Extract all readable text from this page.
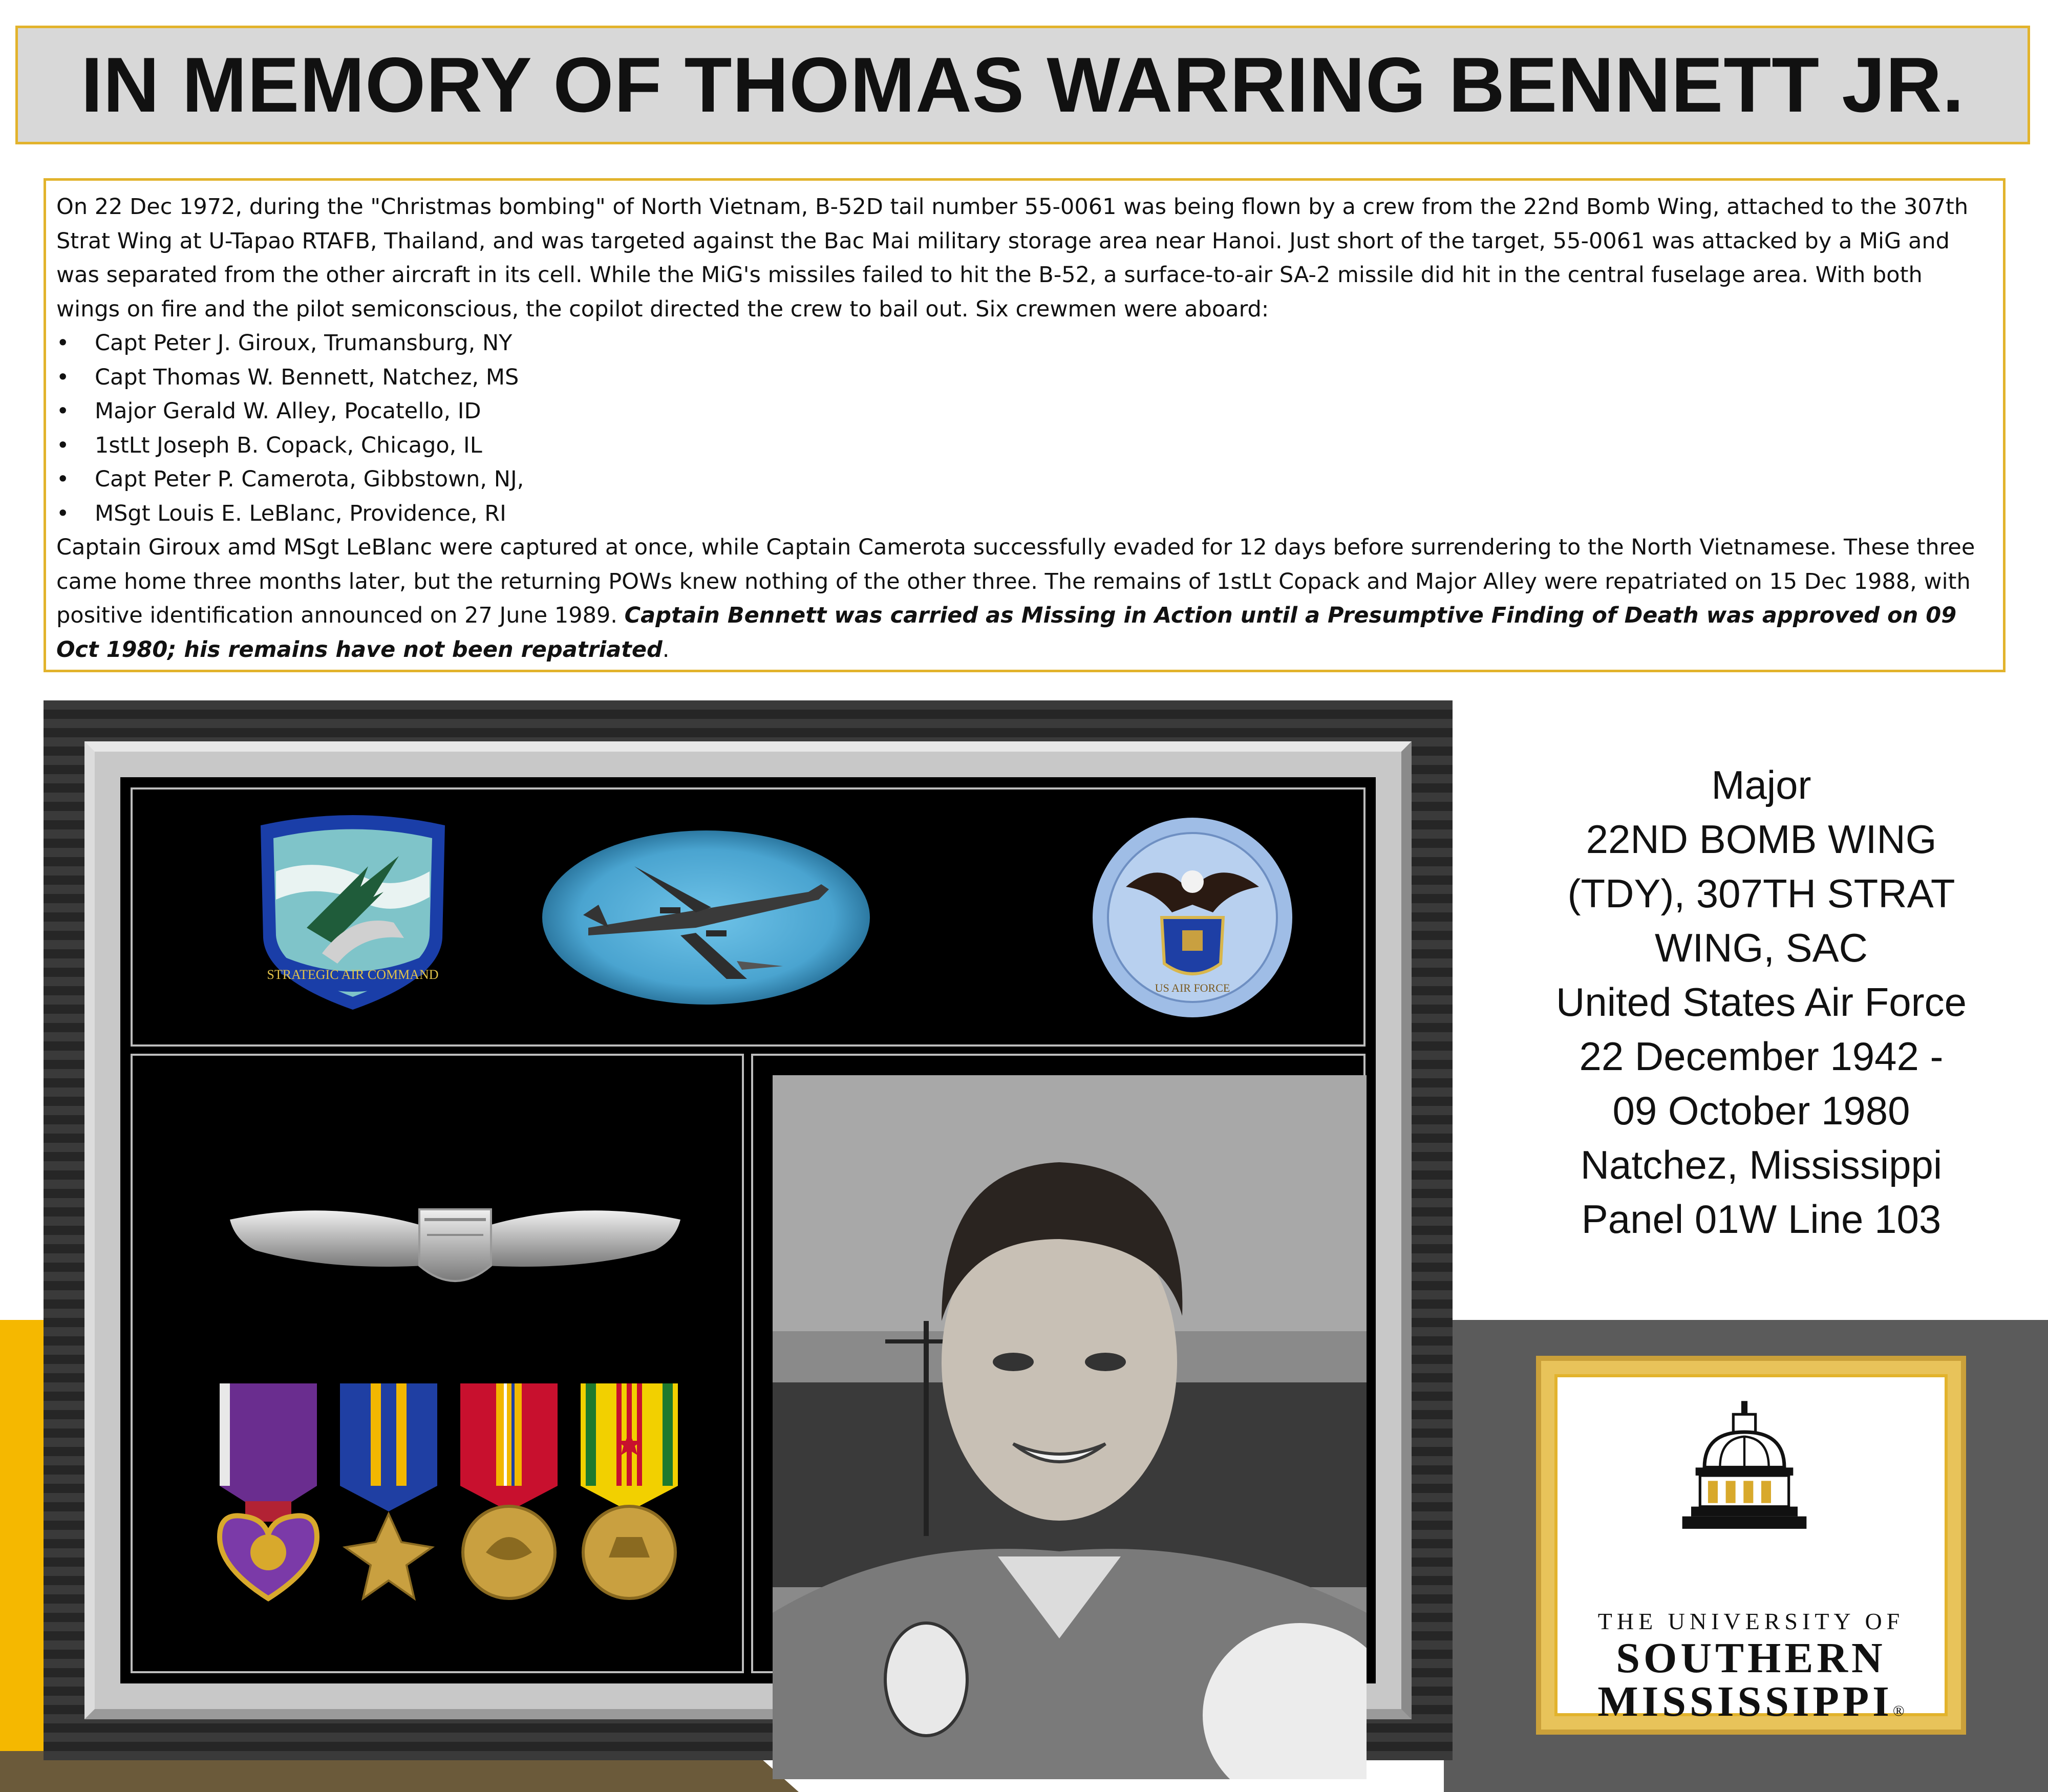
IN MEMORY OF THOMAS WARRING BENNETT JR.

On 22 Dec 1972, during the "Christmas bombing" of North Vietnam, B-52D tail number 55-0061 was being flown by a crew from the 22nd Bomb Wing, attached to the 307th Strat Wing at U-Tapao RTAFB, Thailand, and was targeted against the Bac Mai military storage area near Hanoi. Just short of the target, 55-0061 was attacked by a MiG and was separated from the other aircraft in its cell. While the MiG's missiles failed to hit the B-52, a surface-to-air SA-2 missile did hit in the central fuselage area. With both wings on fire and the pilot semiconscious, the copilot directed the crew to bail out. Six crewmen were aboard:

• Capt Peter J. Giroux, Trumansburg, NY
• Capt Thomas W. Bennett, Natchez, MS
• Major Gerald W. Alley, Pocatello, ID
• 1stLt Joseph B. Copack, Chicago, IL
• Capt Peter P. Camerota, Gibbstown, NJ,
• MSgt Louis E. LeBlanc, Providence, RI

Captain Giroux amd MSgt LeBlanc were captured at once, while Captain Camerota successfully evaded for 12 days before surrendering to the North Vietnamese. These three came home three months later, but the returning POWs knew nothing of the other three. The remains of 1stLt Copack and Major Alley were repatriated on 15 Dec 1988, with positive identification announced on 27 June 1989. Captain Bennett was carried as Missing in Action until a Presumptive Finding of Death was approved on 09 Oct 1980; his remains have not been repatriated.

STRATEGIC AIR COMMAND
US AIR FORCE
Major
22ND BOMB WING
(TDY), 307TH STRAT
WING, SAC
United States Air Force
22 December 1942 -
09 October 1980
Natchez, Mississippi
Panel 01W Line 103
THE UNIVERSITY OF
SOUTHERN
MISSISSIPPI®
